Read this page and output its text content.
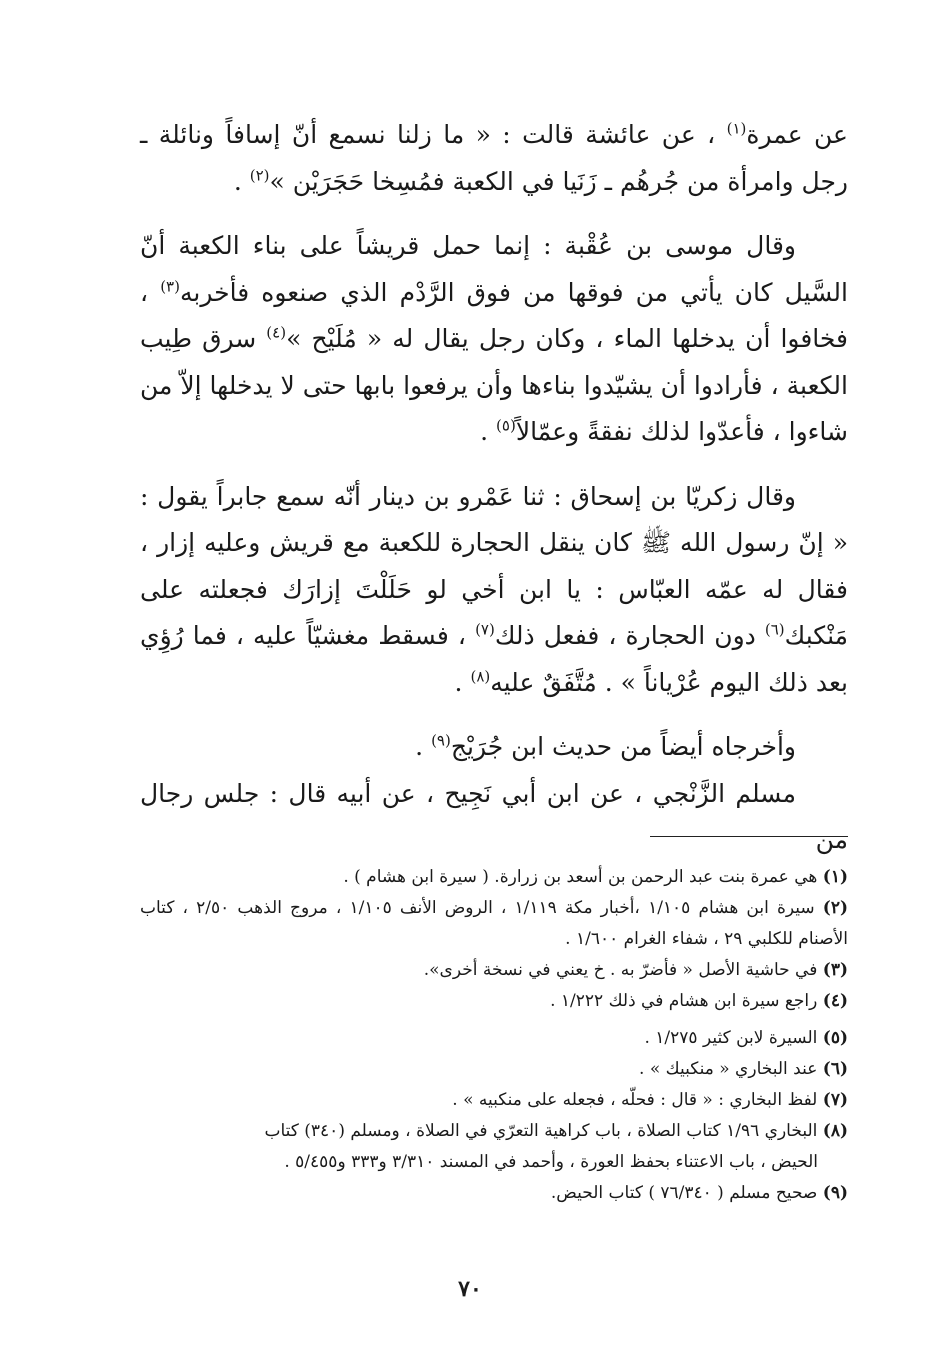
عن عمرة$^{(١)}$ ، عن عائشة قالت : « ما زلنا نسمع أنّ إسافاً ونائلة ـ رجل وامرأة من جُرهُم ـ زَنَيا في الكعبة فمُسِخا حَجَرَيْن »$^{(٢)}$ .

وقال موسى بن عُقْبة : إنما حمل قريشاً على بناء الكعبة أنّ السَّيل كان يأتي من فوقها من فوق الرَّدْم الذي صنعوه فأخربه$^{(٣)}$ ، فخافوا أن يدخلها الماء ، وكان رجل يقال له « مُلَيْح »$^{(٤)}$ سرق طِيب الكعبة ، فأرادوا أن يشيّدوا بناءها وأن يرفعوا بابها حتى لا يدخلها إلاّ من شاءوا ، فأعدّوا لذلك نفقةً وعمّالاً$^{(٥)}$ .

وقال زكريّا بن إسحاق : ثنا عَمْرو بن دينار أنّه سمع جابراً يقول : « إنّ رسول الله ﷺ كان ينقل الحجارة للكعبة مع قريش وعليه إزار ، فقال له عمّه العبّاس : يا ابن أخي لو حَلَلْتَ إزارَك فجعلته على مَنْكبك$^{(٦)}$ دون الحجارة ، ففعل ذلك$^{(٧)}$ ، فسقط مغشيّاً عليه ، فما رُؤِي بعد ذلك اليوم عُرْياناً » . مُتَّفَقٌ عليه$^{(٨)}$ .

وأخرجاه أيضاً من حديث ابن جُرَيْج$^{(٩)}$ .

مسلم الزَّنْجي ، عن ابن أبي نَجِيح ، عن أبيه قال : جلس رجال من

(١) هي عمرة بنت عبد الرحمن بن أسعد بن زرارة. ( سيرة ابن هشام ) .

(٢) سيرة ابن هشام ١/١٠٥ ،أخبار مكة ١/١١٩ ، الروض الأنف ١/١٠٥ ، مروج الذهب ٢/٥٠ ، كتاب الأصنام للكلبي ٢٩ ، شفاء الغرام ١/٦٠٠ .

(٣) في حاشية الأصل « فأضرّ به . خ يعني في نسخة أخرى».

(٤) راجع سيرة ابن هشام في ذلك ١/٢٢٢ .

(٥) السيرة لابن كثير ١/٢٧٥ .

(٦) عند البخاري « منكبيك » .

(٧) لفظ البخاري : « قال : فحلّه ، فجعله على منكبيه » .

(٨) البخاري ١/٩٦ كتاب الصلاة ، باب كراهية التعرّي في الصلاة ، ومسلم (٣٤٠) كتاب

الحيض ، باب الاعتناء بحفظ العورة ، وأحمد في المسند ٣/٣١٠ و٣٣٣ و٥/٤٥٥ .

(٩) صحيح مسلم ( ٧٦/٣٤٠ ) كتاب الحيض.

٧٠
